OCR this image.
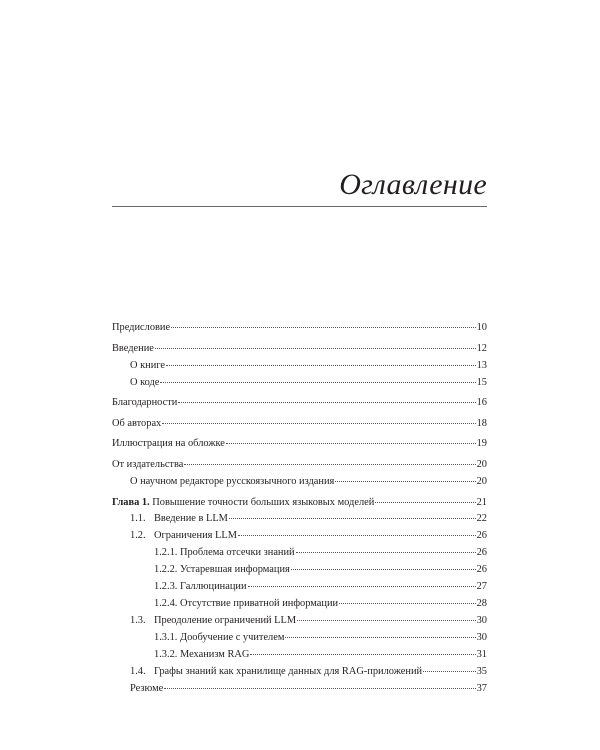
Оглавление
Предисловие	10
Введение	12
О книге	13
О коде	15
Благодарности	16
Об авторах	18
Иллюстрация на обложке	19
От издательства	20
О научном редакторе русскоязычного издания	20
Глава 1. Повышение точности больших языковых моделей	21
1.1. Введение в LLM	22
1.2. Ограничения LLM	26
1.2.1. Проблема отсечки знаний	26
1.2.2. Устаревшая информация	26
1.2.3. Галлюцинации	27
1.2.4. Отсутствие приватной информации	28
1.3. Преодоление ограничений LLM	30
1.3.1. Дообучение с учителем	30
1.3.2. Механизм RAG	31
1.4. Графы знаний как хранилище данных для RAG-приложений	35
Резюме	37
